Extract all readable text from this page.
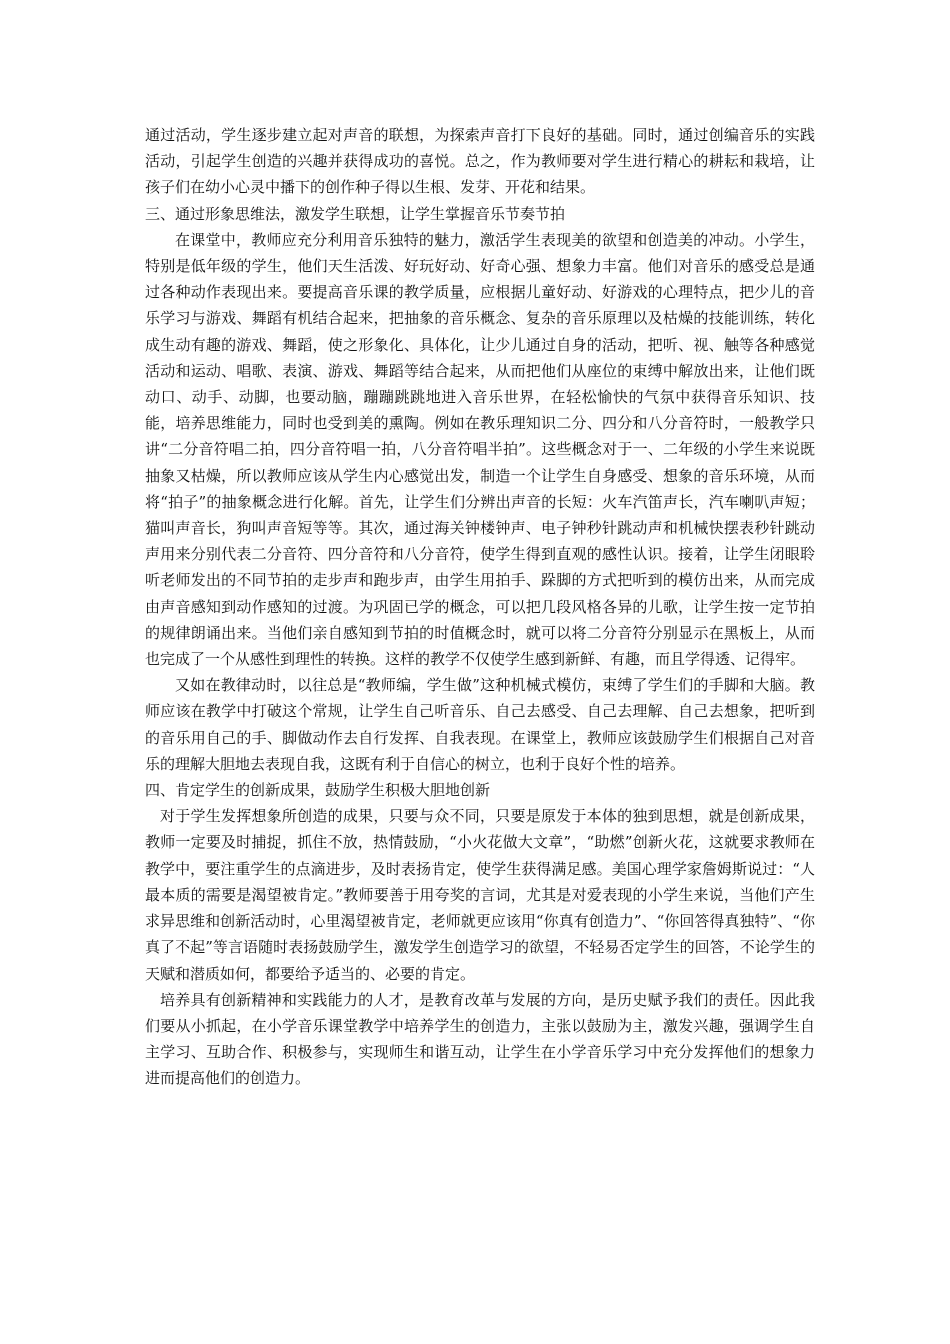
通过活动，学生逐步建立起对声音的联想，为探索声音打下良好的基础。同时，通过创编音乐的实践活动，引起学生创造的兴趣并获得成功的喜悦。总之，作为教师要对学生进行精心的耕耘和栽培，让孩子们在幼小心灵中播下的创作种子得以生根、发芽、开花和结果。

三、通过形象思维法，激发学生联想，让学生掌握音乐节奏节拍

在课堂中，教师应充分利用音乐独特的魅力，激活学生表现美的欲望和创造美的冲动。小学生，特别是低年级的学生，他们天生活泼、好玩好动、好奇心强、想象力丰富。他们对音乐的感受总是通过各种动作表现出来。要提高音乐课的教学质量，应根据儿童好动、好游戏的心理特点，把少儿的音乐学习与游戏、舞蹈有机结合起来，把抽象的音乐概念、复杂的音乐原理以及枯燥的技能训练，转化成生动有趣的游戏、舞蹈，使之形象化、具体化，让少儿通过自身的活动，把听、视、触等各种感觉活动和运动、唱歌、表演、游戏、舞蹈等结合起来，从而把他们从座位的束缚中解放出来，让他们既动口、动手、动脚，也要动脑，蹦蹦跳跳地进入音乐世界，在轻松愉快的气氛中获得音乐知识、技能，培养思维能力，同时也受到美的熏陶。例如在教乐理知识二分、四分和八分音符时，一般教学只讲“二分音符唱二拍，四分音符唱一拍，八分音符唱半拍”。这些概念对于一、二年级的小学生来说既抽象又枯燥，所以教师应该从学生内心感觉出发，制造一个让学生自身感受、想象的音乐环境，从而将“拍子”的抽象概念进行化解。首先，让学生们分辨出声音的长短：火车汽笛声长，汽车喇叭声短；猫叫声音长，狗叫声音短等等。其次，通过海关钟楼钟声、电子钟秒针跳动声和机械快摆表秒针跳动声用来分别代表二分音符、四分音符和八分音符，使学生得到直观的感性认识。接着，让学生闭眼聆听老师发出的不同节拍的走步声和跑步声，由学生用拍手、跺脚的方式把听到的模仿出来，从而完成由声音感知到动作感知的过渡。为巩固已学的概念，可以把几段风格各异的儿歌，让学生按一定节拍的规律朗诵出来。当他们亲自感知到节拍的时值概念时，就可以将二分音符分别显示在黑板上，从而也完成了一个从感性到理性的转换。这样的教学不仅使学生感到新鲜、有趣，而且学得透、记得牢。

又如在教律动时，以往总是“教师编，学生做”这种机械式模仿，束缚了学生们的手脚和大脑。教师应该在教学中打破这个常规，让学生自己听音乐、自己去感受、自己去理解、自己去想象，把听到的音乐用自己的手、脚做动作去自行发挥、自我表现。在课堂上，教师应该鼓励学生们根据自己对音乐的理解大胆地去表现自我，这既有利于自信心的树立，也利于良好个性的培养。

四、肯定学生的创新成果，鼓励学生积极大胆地创新

对于学生发挥想象所创造的成果，只要与众不同，只要是原发于本体的独到思想，就是创新成果，教师一定要及时捕捉，抓住不放，热情鼓励，“小火花做大文章”，“助燃”创新火花，这就要求教师在教学中，要注重学生的点滴进步，及时表扬肯定，使学生获得满足感。美国心理学家詹姆斯说过：“人最本质的需要是渴望被肯定。”教师要善于用夸奖的言词，尤其是对爱表现的小学生来说，当他们产生求异思维和创新活动时，心里渴望被肯定，老师就更应该用“你真有创造力”、“你回答得真独特”、“你真了不起”等言语随时表扬鼓励学生，激发学生创造学习的欲望，不轻易否定学生的回答，不论学生的天赋和潜质如何，都要给予适当的、必要的肯定。

培养具有创新精神和实践能力的人才，是教育改革与发展的方向，是历史赋予我们的责任。因此我们要从小抓起，在小学音乐课堂教学中培养学生的创造力，主张以鼓励为主，激发兴趣，强调学生自主学习、互助合作、积极参与，实现师生和谐互动，让学生在小学音乐学习中充分发挥他们的想象力进而提高他们的创造力。
